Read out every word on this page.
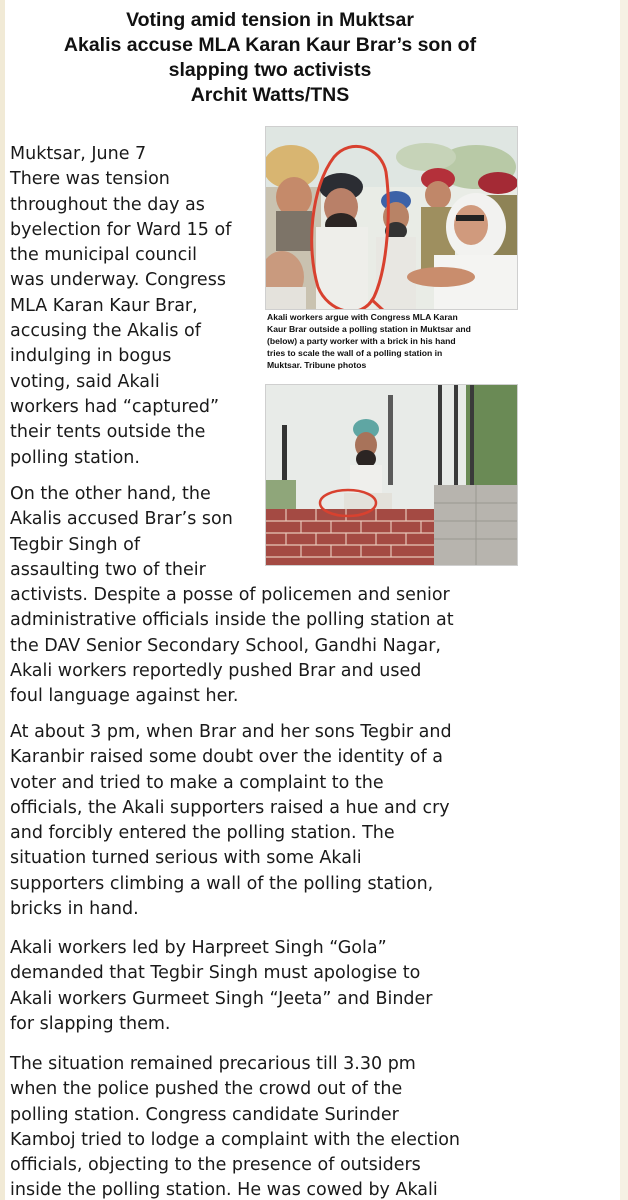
Voting amid tension in Muktsar
Akalis accuse MLA Karan Kaur Brar’s son of
slapping two activists
Archit Watts/TNS
Akali workers argue with Congress MLA Karan
Kaur Brar outside a polling station in Muktsar and
(below) a party worker with a brick in his hand
tries to scale the wall of a polling station in
Muktsar. Tribune photos
Muktsar, June 7
There was tension
throughout the day as
byelection for Ward 15 of
the municipal council
was underway. Congress
MLA Karan Kaur Brar,
accusing the Akalis of
indulging in bogus
voting, said Akali
workers had “captured”
their tents outside the
polling station.
On the other hand, the
Akalis accused Brar’s son
Tegbir Singh of
assaulting two of their
activists. Despite a posse of policemen and senior
administrative officials inside the polling station at
the DAV Senior Secondary School, Gandhi Nagar,
Akali workers reportedly pushed Brar and used
foul language against her.
At about 3 pm, when Brar and her sons Tegbir and
Karanbir raised some doubt over the identity of a
voter and tried to make a complaint to the
officials, the Akali supporters raised a hue and cry
and forcibly entered the polling station. The
situation turned serious with some Akali
supporters climbing a wall of the polling station,
bricks in hand.
Akali workers led by Harpreet Singh “Gola”
demanded that Tegbir Singh must apologise to
Akali workers Gurmeet Singh “Jeeta” and Binder
for slapping them.
The situation remained precarious till 3.30 pm
when the police pushed the crowd out of the
polling station. Congress candidate Surinder
Kamboj tried to lodge a complaint with the election
officials, objecting to the presence of outsiders
inside the polling station. He was cowed by Akali
